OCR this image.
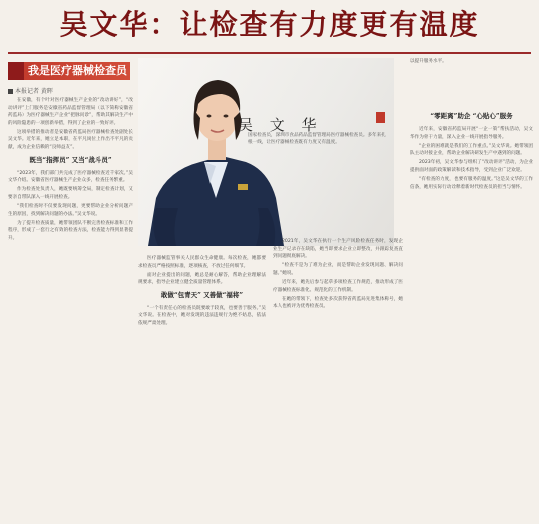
吴文华：让检查有力度更有温度
我是医疗器械检查员
本报记者 黄晖

在安徽，有个叶对医疗器械生产企业的“改动讲好”，“改动讲评”上门服务是安徽省药品监督管理局（以下简称安徽省药监局）为医疗器械生产企业“把脉问诊”，帮助其解决生产中的风险隐患的一项创新举措，得到了企业的一致好评。

这项举措的推动者是安徽省药监局医疗器械检查处副处长吴文华。近年来，她立足本职，在平凡岗位上作出不平凡的贡献，成为企业信赖的“良师益友”。

既当“指挥员” 又当“战斗员”

“2023年，我们部门共完成了医疗器械检查近千家次。”吴文华介绍。安徽省医疗器械生产企业众多，检查任务繁重。

作为检查处负责人，她既要统筹全局，制定检查计划，又要亲自带队深入一线开展检查。

“我们检查时不仅要发现问题，更要帮助企业分析问题产生的原因，找到解决问题的办法。”吴文华说。

为了提升检查质量，她带领团队不断完善检查标准和工作程序，形成了一套行之有效的检查方法，检查能力得到显著提升。

吴 文 华
国家检查员，深圳市食品药品监督管理局医疗器械检查员。多年来扎根一线，让医疗器械检查既有力度又有温度。

医疗器械监管事关人民群众生命健康。每次检查，她都要求检查员严格按照标准，逐项核查，不放过任何细节。

面对企业提出的问题，她总是耐心解答，帮助企业理解法规要求，指导企业建立健全质量管理体系。

敢做“包青天” 又善做“福将”

“一个有责任心的检查员既要敢于较真，也要善于服务。”吴文华说。在检查中，她对发现的违法违规行为绝不姑息，依法依规严肃处理。

2021年，吴文华在执行一个生产风险检查任务时，发现企业生产记录存在缺陷，她当即要求企业立即整改，并跟踪复查直到问题彻底解决。

“检查不是为了难为企业，而是帮助企业发现问题、解决问题。”她说。

近年来，她先后参与起草多项检查工作规范，推动形成了医疗器械检查标准化、规范化的工作机制。

在她的带领下，检查处多次获得省药监局先进集体称号，她本人也被评为优秀检查员。

以提升服务水平。
“零距离”助企 “心贴心”服务

近年来，安徽省药监局开展“一企一策”帮扶活动，吴文华作为骨干力量，深入企业一线开展指导服务。

“企业的困难就是我们的工作重点。”吴文华说。她带领团队主动对接企业，帮助企业解决研发生产中遇到的问题。

2023年初，吴文华参与组织了“改动讲评”活动，为企业提供面对面的政策解读和技术指导，受到企业广泛欢迎。

“有检查的力度，也要有服务的温度。”这是吴文华的工作信条，她用实际行动诠释着新时代检查员的担当与情怀。
